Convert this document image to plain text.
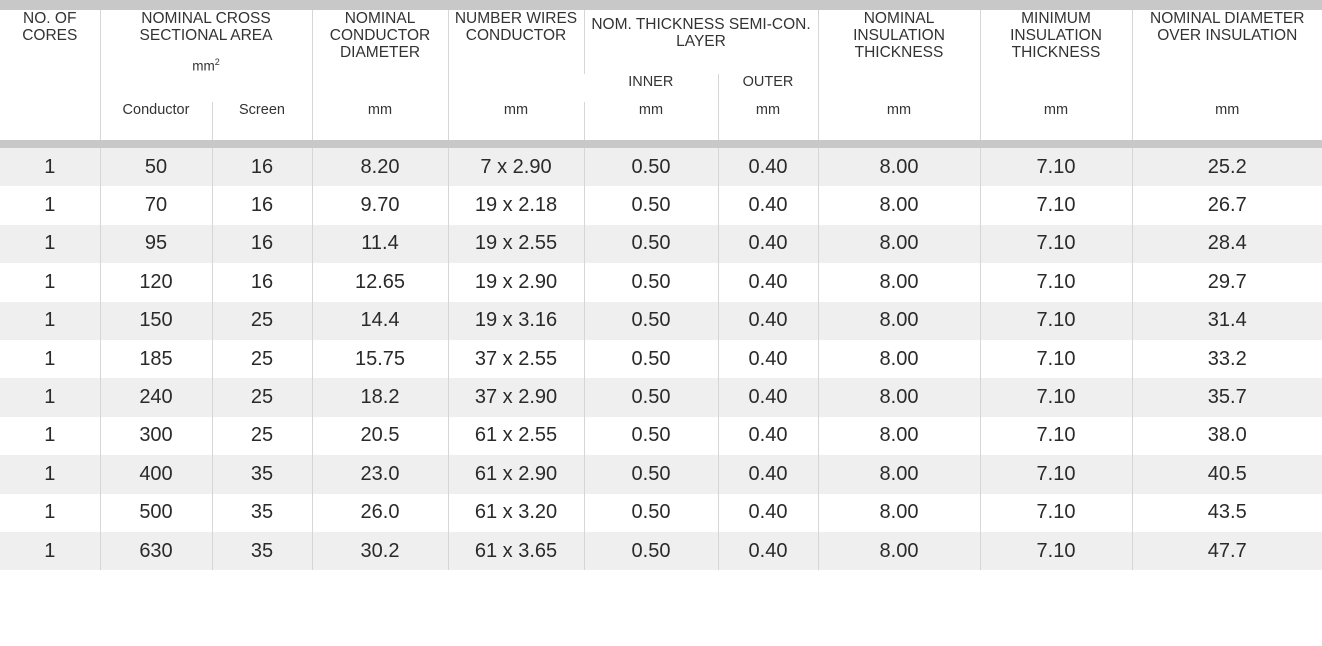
NO. OF CORES	NOMINAL CROSS SECTIONAL AREA
$mm^2$		NOMINAL CONDUCTOR DIAMETER	NUMBER WIRES CONDUCTOR	NOM. THICKNESS SEMI-CON. LAYER		NOMINAL INSULATION THICKNESS	MINIMUM INSULATION THICKNESS	NOMINAL DIAMETER OVER INSULATION
					INNER	OUTER			
	Conductor	Screen	mm	mm	mm	mm	mm	mm	mm

1	50	16	8.20	7 x 2.90	0.50	0.40	8.00	7.10	25.2
1	70	16	9.70	19 x 2.18	0.50	0.40	8.00	7.10	26.7
1	95	16	11.4	19 x 2.55	0.50	0.40	8.00	7.10	28.4
1	120	16	12.65	19 x 2.90	0.50	0.40	8.00	7.10	29.7
1	150	25	14.4	19 x 3.16	0.50	0.40	8.00	7.10	31.4
1	185	25	15.75	37 x 2.55	0.50	0.40	8.00	7.10	33.2
1	240	25	18.2	37 x 2.90	0.50	0.40	8.00	7.10	35.7
1	300	25	20.5	61 x 2.55	0.50	0.40	8.00	7.10	38.0
1	400	35	23.0	61 x 2.90	0.50	0.40	8.00	7.10	40.5
1	500	35	26.0	61 x 3.20	0.50	0.40	8.00	7.10	43.5
1	630	35	30.2	61 x 3.65	0.50	0.40	8.00	7.10	47.7
